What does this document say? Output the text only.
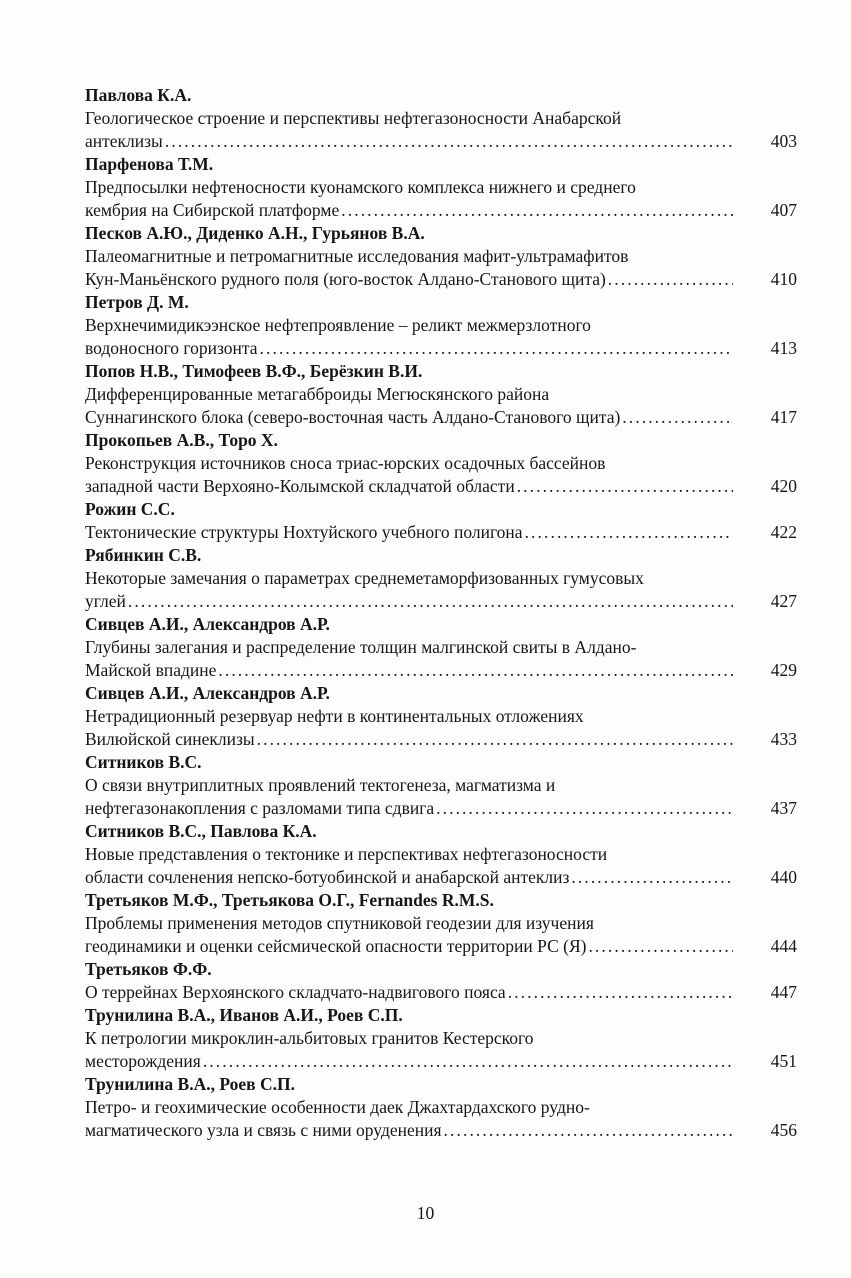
Павлова К.А.
Геологическое строение и перспективы нефтегазоносности Анабарской
антеклизы .....	403
Парфенова Т.М.
Предпосылки нефтеносности куонамского комплекса нижнего и среднего
кембрия на Сибирской платформе .....	407
Песков А.Ю., Диденко А.Н., Гурьянов В.А.
Палеомагнитные и петромагнитные исследования мафит-ультрамафитов
Кун-Маньёнского рудного поля (юго-восток Алдано-Станового щита) .....	410
Петров Д. М.
Верхнечимидикээнское нефтепроявление – реликт межмерзлотного
водоносного горизонта .....	413
Попов Н.В., Тимофеев В.Ф., Берёзкин В.И.
Дифференцированные метагабброиды Мегюскянского района
Суннагинского блока (северо-восточная часть Алдано-Станового щита) .....	417
Прокопьев А.В., Торо Х.
Реконструкция источников сноса триас-юрских осадочных бассейнов
западной части Верхояно-Колымской складчатой области .....	420
Рожин С.С.
Тектонические структуры Нохтуйского учебного полигона .....	422
Рябинкин С.В.
Некоторые замечания о параметрах среднеметаморфизованных гумусовых
углей .....	427
Сивцев А.И., Александров А.Р.
Глубины залегания и распределение толщин малгинской свиты в Алдано-
Майской впадине .....	429
Сивцев А.И., Александров А.Р.
Нетрадиционный резервуар нефти в континентальных отложениях
Вилюйской синеклизы .....	433
Ситников В.С.
О связи внутриплитных проявлений тектогенеза, магматизма и
нефтегазонакопления с разломами типа сдвига .....	437
Ситников В.С., Павлова К.А.
Новые представления о тектонике и перспективах нефтегазоносности
области сочленения непско-ботуобинской и анабарской антеклиз .....	440
Третьяков М.Ф., Третьякова О.Г., Fernandes R.M.S.
Проблемы применения методов спутниковой геодезии для изучения
геодинамики и оценки сейсмической опасности территории РС (Я) .....	444
Третьяков Ф.Ф.
О террейнах Верхоянского складчато-надвигового пояса .....	447
Трунилина В.А., Иванов А.И., Роев С.П.
К петрологии микроклин-альбитовых гранитов Кестерского
месторождения .....	451
Трунилина В.А., Роев С.П.
Петро- и геохимические особенности даек Джахтардахского рудно-
магматического узла и связь с ними оруденения .....	456
10
